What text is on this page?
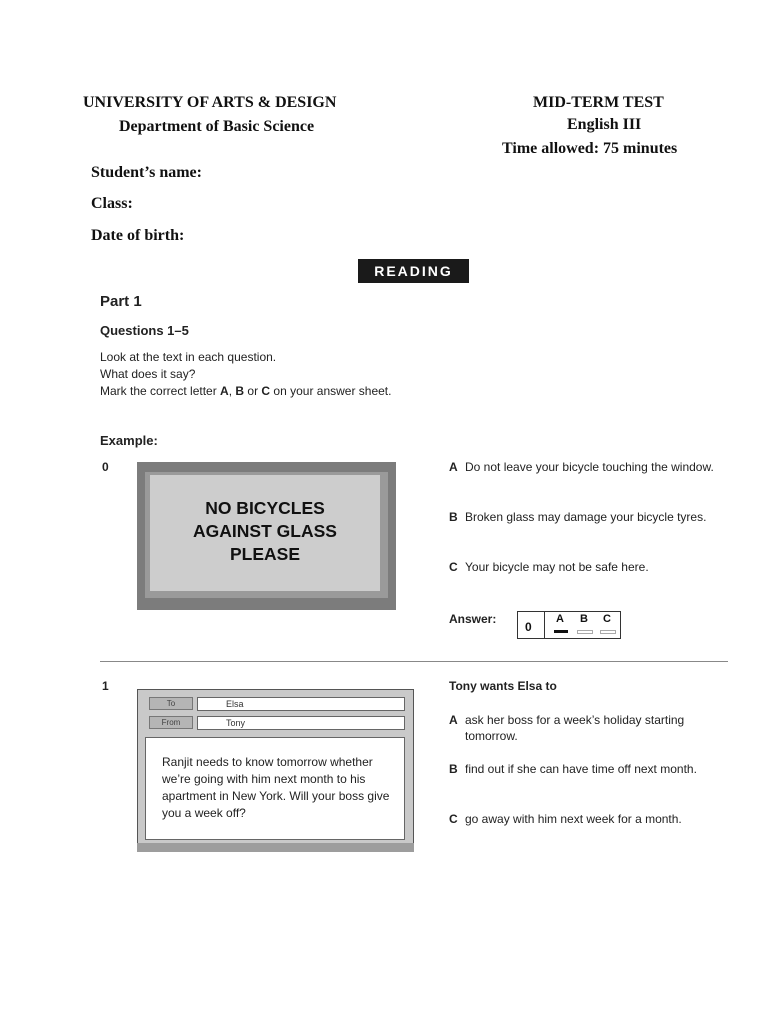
UNIVERSITY OF ARTS & DESIGN
Department of Basic Science
MID-TERM TEST
English III
Time allowed: 75 minutes
Student’s name:
Class:
Date of birth:
READING
Part 1
Questions 1–5
Look at the text in each question.
What does it say?
Mark the correct letter A, B or C on your answer sheet.
Example:
0
NO BICYCLES
AGAINST GLASS
PLEASE
A Do not leave your bicycle touching the window.
B Broken glass may damage your bicycle tyres.
C Your bicycle may not be safe here.
Answer:
0
A B C
1
To	Elsa
From	Tony
Ranjit needs to know tomorrow whether we’re going with him next month to his apartment in New York. Will your boss give you a week off?
Tony wants Elsa to
A ask her boss for a week’s holiday starting tomorrow.
B find out if she can have time off next month.
C go away with him next week for a month.
